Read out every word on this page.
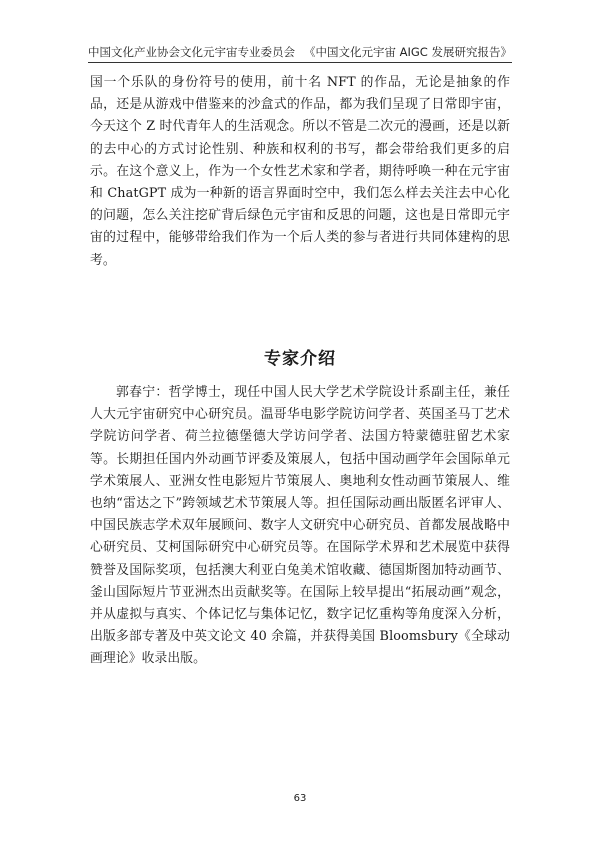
中国文化产业协会文化元宇宙专业委员会 《中国文化元宇宙 AIGC 发展研究报告》
国一个乐队的身份符号的使用，前十名 NFT 的作品，无论是抽象的作品，还是从游戏中借鉴来的沙盒式的作品，都为我们呈现了日常即宇宙，今天这个 Z 时代青年人的生活观念。所以不管是二次元的漫画，还是以新的去中心的方式讨论性别、种族和权利的书写，都会带给我们更多的启示。在这个意义上，作为一个女性艺术家和学者，期待呼唤一种在元宇宙和 ChatGPT 成为一种新的语言界面时空中，我们怎么样去关注去中心化的问题，怎么关注挖矿背后绿色元宇宙和反思的问题，这也是日常即元宇宙的过程中，能够带给我们作为一个后人类的参与者进行共同体建构的思考。
专家介绍
郭春宁：哲学博士，现任中国人民大学艺术学院设计系副主任，兼任人大元宇宙研究中心研究员。温哥华电影学院访问学者、英国圣马丁艺术学院访问学者、荷兰拉德堡德大学访问学者、法国方特蒙德驻留艺术家等。长期担任国内外动画节评委及策展人，包括中国动画学年会国际单元学术策展人、亚洲女性电影短片节策展人、奥地利女性动画节策展人、维也纳“雷达之下”跨领域艺术节策展人等。担任国际动画出版匿名评审人、中国民族志学术双年展顾问、数字人文研究中心研究员、首都发展战略中心研究员、艾柯国际研究中心研究员等。在国际学术界和艺术展览中获得赞誉及国际奖项，包括澳大利亚白兔美术馆收藏、德国斯图加特动画节、釜山国际短片节亚洲杰出贡献奖等。在国际上较早提出“拓展动画”观念，并从虚拟与真实、个体记忆与集体记忆，数字记忆重构等角度深入分析，出版多部专著及中英文论文 40 余篇，并获得美国 Bloomsbury《全球动画理论》收录出版。
63
